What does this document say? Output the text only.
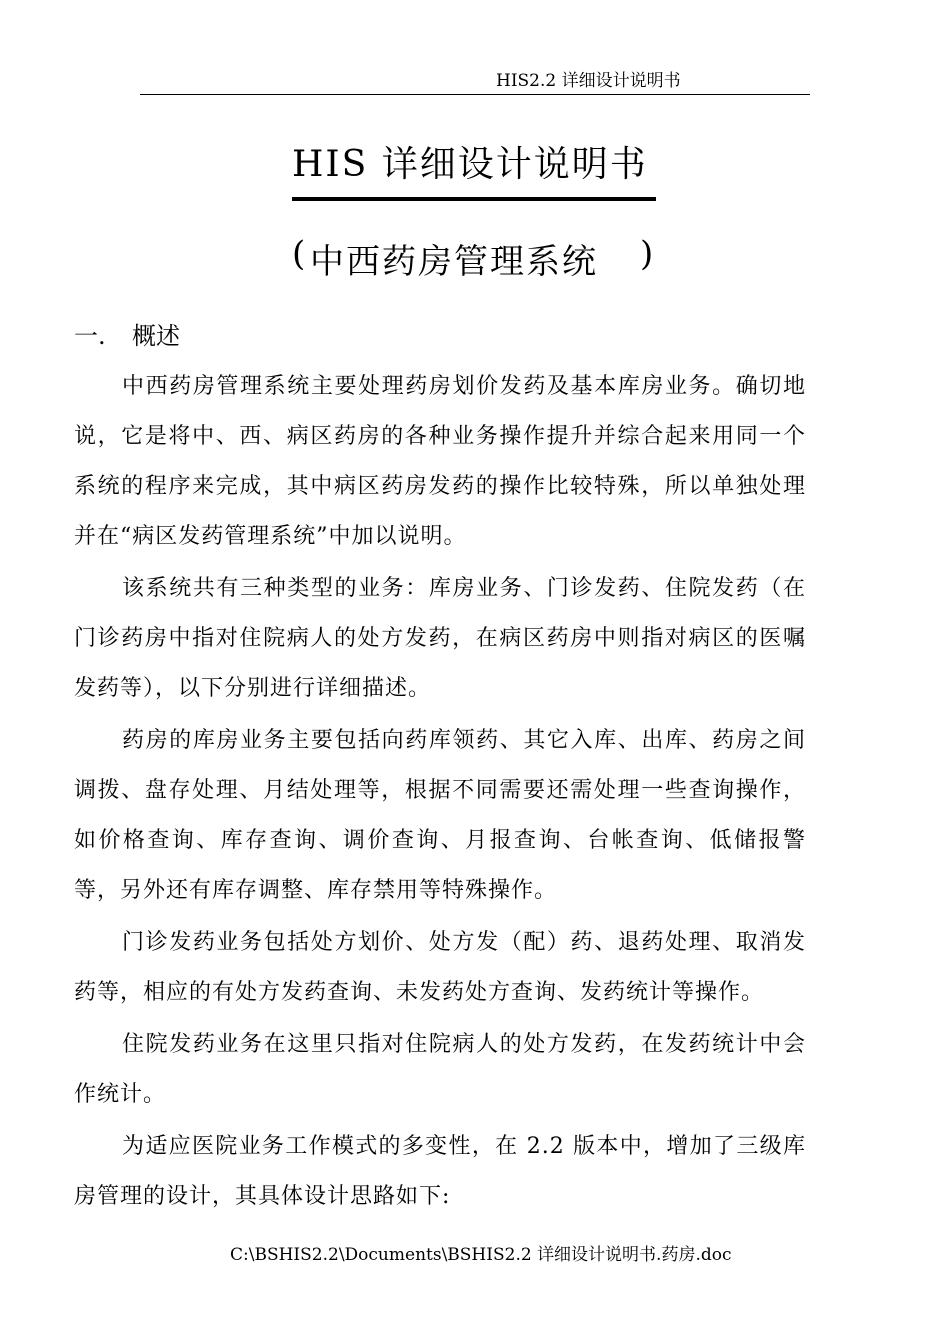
HIS2.2 详细设计说明书
HIS 详细设计说明书
( 中西药房管理系统 )
一. 概述

中西药房管理系统主要处理药房划价发药及基本库房业务。确切地说，它是将中、西、病区药房的各种业务操作提升并综合起来用同一个系统的程序来完成，其中病区药房发药的操作比较特殊，所以单独处理并在“病区发药管理系统”中加以说明。

该系统共有三种类型的业务：库房业务、门诊发药、住院发药（在门诊药房中指对住院病人的处方发药，在病区药房中则指对病区的医嘱发药等），以下分别进行详细描述。

药房的库房业务主要包括向药库领药、其它入库、出库、药房之间调拨、盘存处理、月结处理等，根据不同需要还需处理一些查询操作，如价格查询、库存查询、调价查询、月报查询、台帐查询、低储报警等，另外还有库存调整、库存禁用等特殊操作。

门诊发药业务包括处方划价、处方发（配）药、退药处理、取消发药等，相应的有处方发药查询、未发药处方查询、发药统计等操作。

住院发药业务在这里只指对住院病人的处方发药，在发药统计中会作统计。

为适应医院业务工作模式的多变性，在 2.2 版本中，增加了三级库房管理的设计，其具体设计思路如下:

C:\BSHIS2.2\Documents\BSHIS2.2 详细设计说明书.药房.doc
